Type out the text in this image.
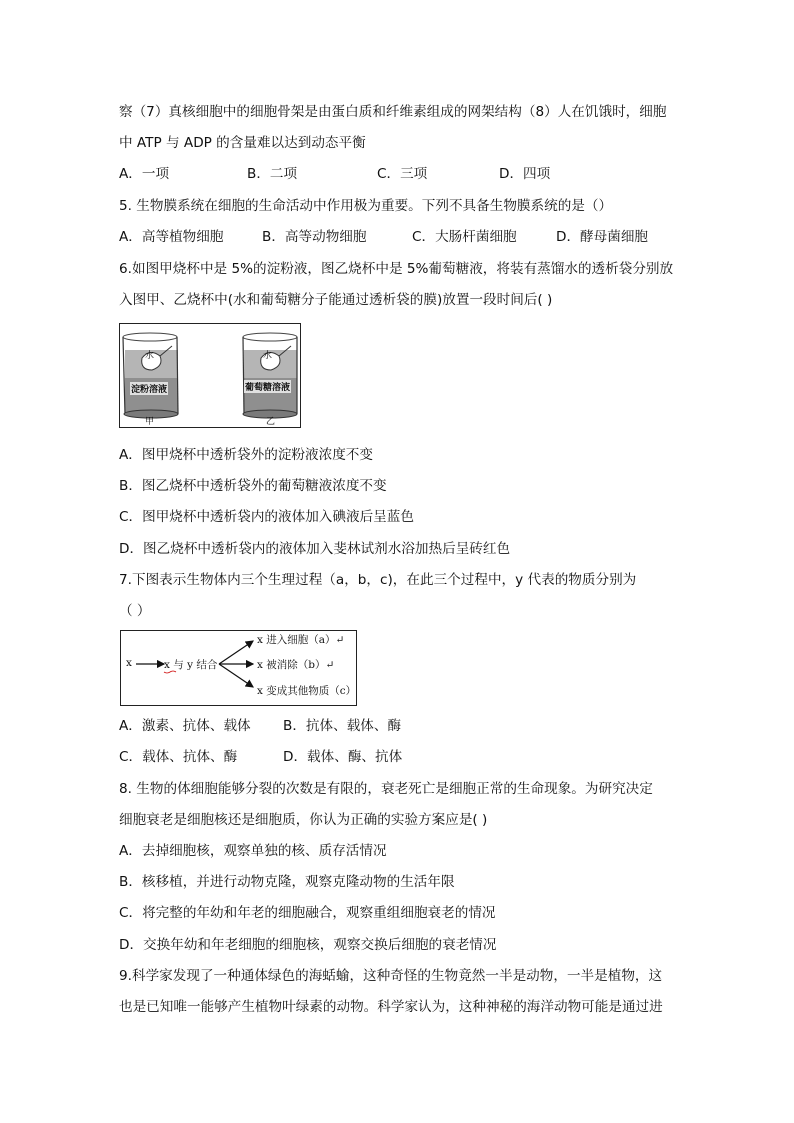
察（7）真核细胞中的细胞骨架是由蛋白质和纤维素组成的网架结构（8）人在饥饿时，细胞
中 ATP 与 ADP 的含量难以达到动态平衡
A．一项	B．二项	C．三项	D．四项
5. 生物膜系统在细胞的生命活动中作用极为重要。下列不具备生物膜系统的是（）
A．高等植物细胞	B．高等动物细胞	C．大肠杆菌细胞	D．酵母菌细胞
6.如图甲烧杯中是 5%的淀粉液，图乙烧杯中是 5%葡萄糖液，将装有蒸馏水的透析袋分别放
入图甲、乙烧杯中(水和葡萄糖分子能通过透析袋的膜)放置一段时间后( )
水
水
淀粉溶液	葡萄糖溶液
甲	乙
A．图甲烧杯中透析袋外的淀粉液浓度不变
B．图乙烧杯中透析袋外的葡萄糖液浓度不变
C．图甲烧杯中透析袋内的液体加入碘液后呈蓝色
D．图乙烧杯中透析袋内的液体加入斐林试剂水浴加热后呈砖红色
7.下图表示生物体内三个生理过程（a，b，c)，在此三个过程中，y 代表的物质分别为
（ ）
x	x 与 y 结合
x 进入细胞（a）↵
x 被消除（b）↵
x 变成其他物质（c）
A．激素、抗体、载体 B．抗体、载体、酶
C．载体、抗体、酶	D．载体、酶、抗体
8. 生物的体细胞能够分裂的次数是有限的，衰老死亡是细胞正常的生命现象。为研究决定
细胞衰老是细胞核还是细胞质，你认为正确的实验方案应是( )
A．去掉细胞核，观察单独的核、质存活情况
B．核移植，并进行动物克隆，观察克隆动物的生活年限
C．将完整的年幼和年老的细胞融合，观察重组细胞衰老的情况
D．交换年幼和年老细胞的细胞核，观察交换后细胞的衰老情况
9.科学家发现了一种通体绿色的海蛞蝓，这种奇怪的生物竟然一半是动物，一半是植物，这
也是已知唯一能够产生植物叶绿素的动物。科学家认为，这种神秘的海洋动物可能是通过进
